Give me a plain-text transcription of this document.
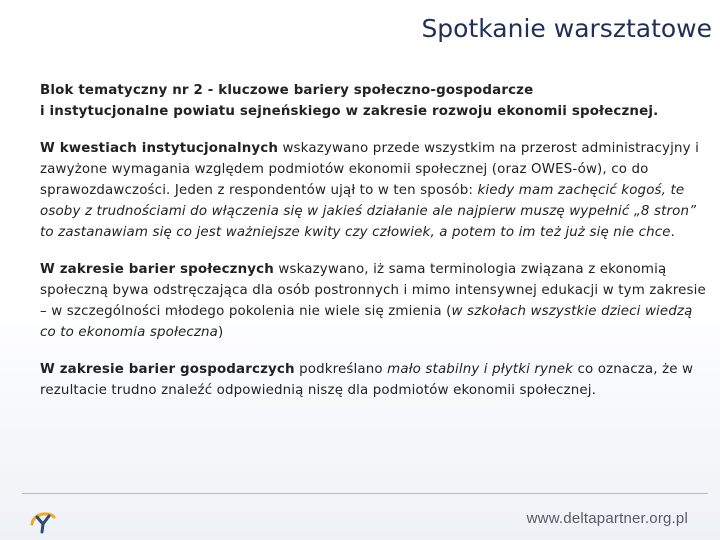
Spotkanie warsztatowe

Blok tematyczny nr 2 - kluczowe bariery społeczno-gospodarcze
i instytucjonalne powiatu sejneńskiego w zakresie rozwoju ekonomii społecznej.

W kwestiach instytucjonalnych wskazywano przede wszystkim na przerost administracyjny i zawyżone wymagania względem podmiotów ekonomii społecznej (oraz OWES-ów), co do sprawozdawczości. Jeden z respondentów ujął to w ten sposób: kiedy mam zachęcić kogoś, te osoby z trudnościami do włączenia się w jakieś działanie ale najpierw muszę wypełnić „8 stron” to zastanawiam się co jest ważniejsze kwity czy człowiek, a potem to im też już się nie chce.

W zakresie barier społecznych wskazywano, iż sama terminologia związana z ekonomią społeczną bywa odstręczająca dla osób postronnych i mimo intensywnej edukacji w tym zakresie – w szczególności młodego pokolenia nie wiele się zmienia (w szkołach wszystkie dzieci wiedzą co to ekonomia społeczna)

W zakresie barier gospodarczych podkreślano mało stabilny i płytki rynek co oznacza, że w rezultacie trudno znaleźć odpowiednią niszę dla podmiotów ekonomii społecznej.

www.deltapartner.org.pl
